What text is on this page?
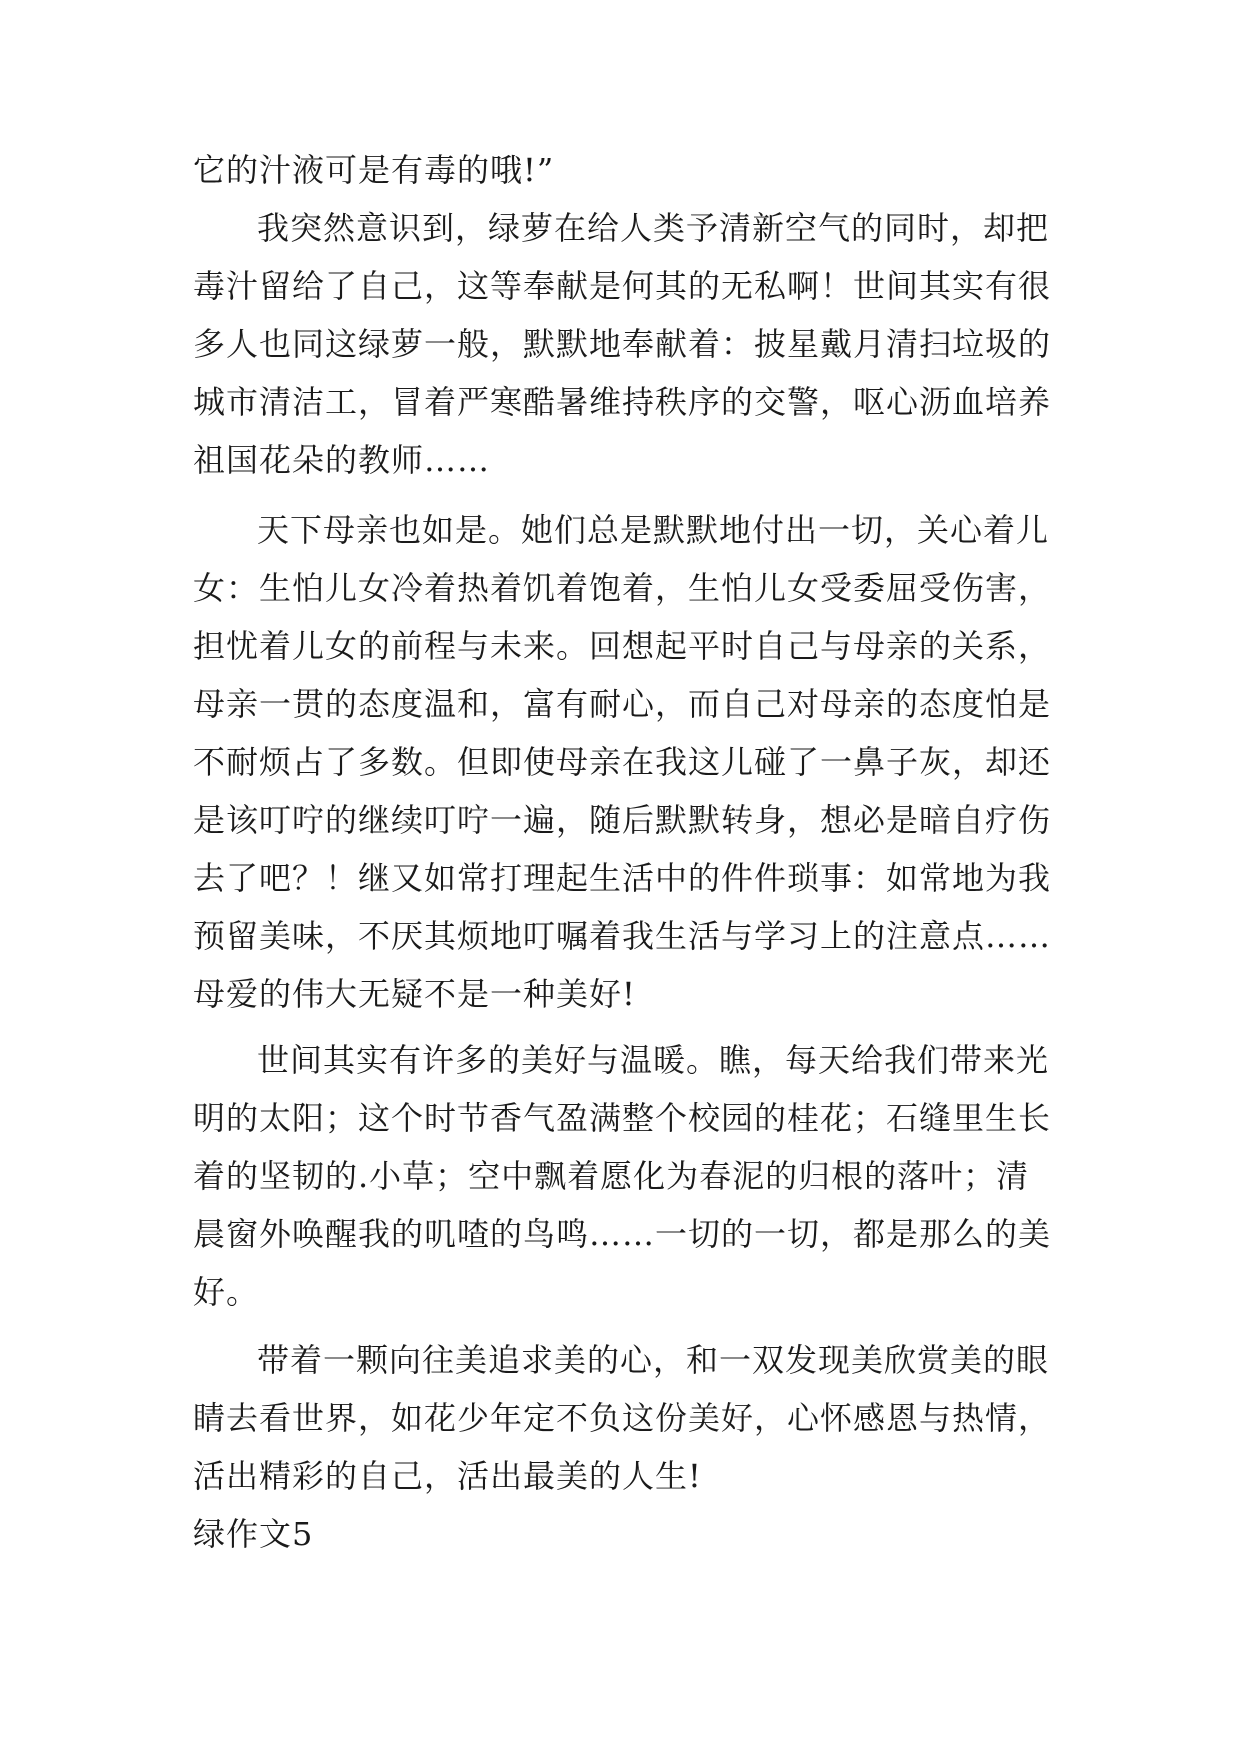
它的汁液可是有毒的哦!”
我突然意识到，绿萝在给人类予清新空气的同时，却把
毒汁留给了自己，这等奉献是何其的无私啊！世间其实有很
多人也同这绿萝一般，默默地奉献着：披星戴月清扫垃圾的
城市清洁工，冒着严寒酷暑维持秩序的交警，呕心沥血培养
祖国花朵的教师……
天下母亲也如是。她们总是默默地付出一切，关心着儿
女：生怕儿女冷着热着饥着饱着，生怕儿女受委屈受伤害，
担忧着儿女的前程与未来。回想起平时自己与母亲的关系，
母亲一贯的态度温和，富有耐心，而自己对母亲的态度怕是
不耐烦占了多数。但即使母亲在我这儿碰了一鼻子灰，却还
是该叮咛的继续叮咛一遍，随后默默转身，想必是暗自疗伤
去了吧？！继又如常打理起生活中的件件琐事：如常地为我
预留美味，不厌其烦地叮嘱着我生活与学习上的注意点……
母爱的伟大无疑不是一种美好!
世间其实有许多的美好与温暖。瞧，每天给我们带来光
明的太阳；这个时节香气盈满整个校园的桂花；石缝里生长
着的坚韧的.小草；空中飘着愿化为春泥的归根的落叶；清
晨窗外唤醒我的叽喳的鸟鸣……一切的一切，都是那么的美
好。
带着一颗向往美追求美的心，和一双发现美欣赏美的眼
睛去看世界，如花少年定不负这份美好，心怀感恩与热情，
活出精彩的自己，活出最美的人生!
绿作文5
